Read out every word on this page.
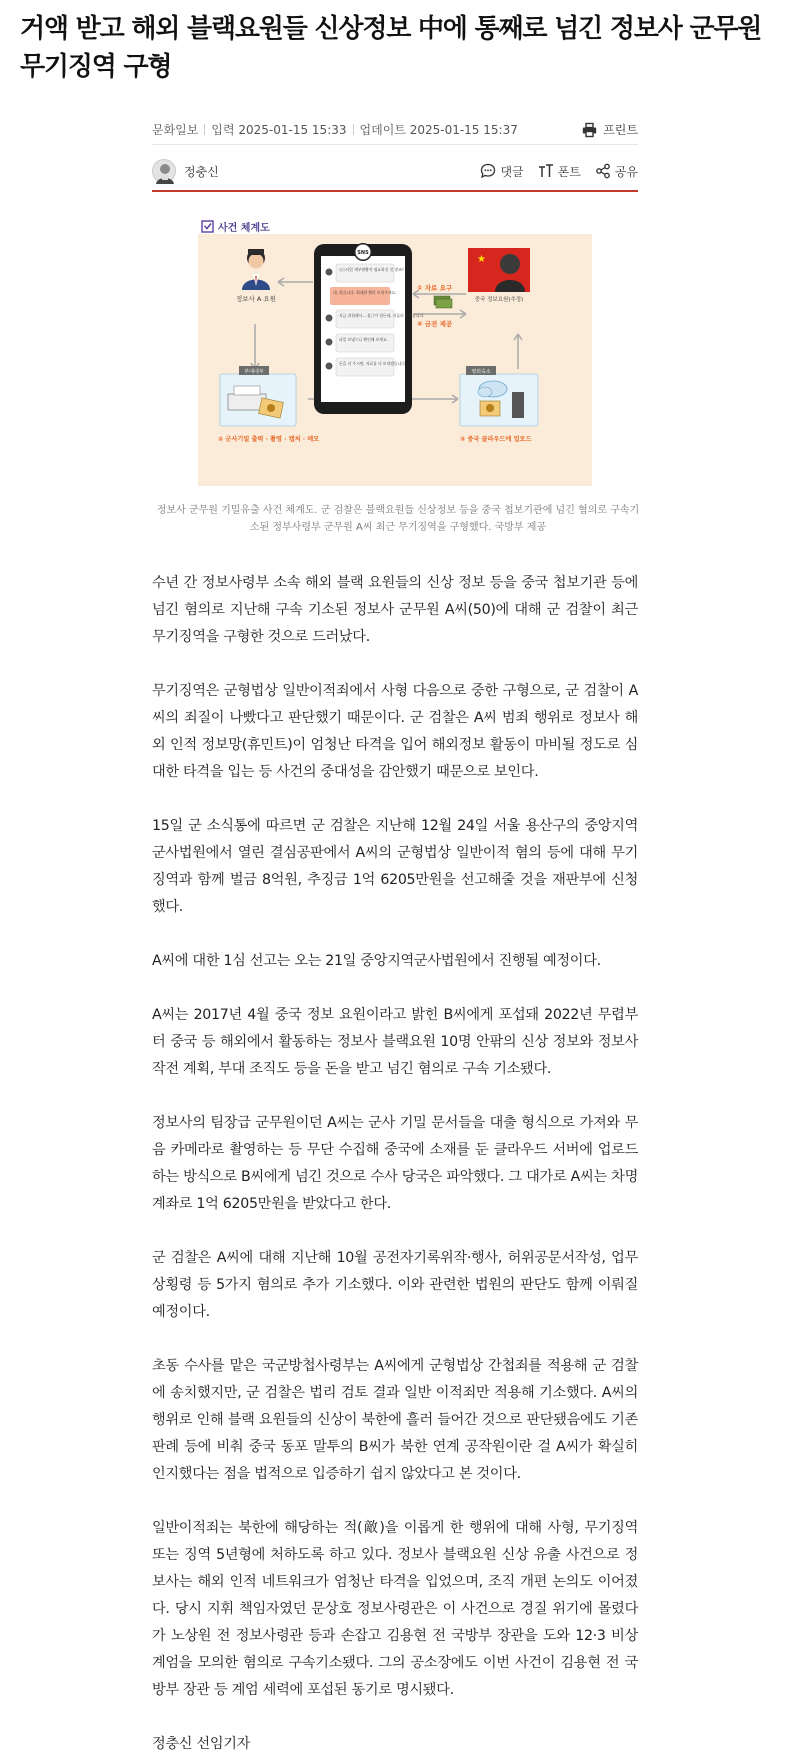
거액 받고 해외 블랙요원들 신상정보 中에 통째로 넘긴 정보사 군무원 무기징역 구형
문화일보 입력 2025-01-15 15:33 업데이트 2025-01-15 15:37	프린트
정충신	댓글	폰트	공유
사건 체계도
정보사 A 요원
SNS
○○사업 세부현황이 필요하신 것 맞죠?
네, 맞습니다. 최대한 빨리 보내주세요.
지금 위험해서... 접근이 힘든데, 서둘러 보겠습니다.
파일 보냈으니 확인해 보세요.
돈을 더 주시면, 자료를 더 보내겠습니다.
① 자료 요구
④ 금전 제공
★
중국 정보요원(추정)
부대내부
② 군사기밀 출력 · 촬영 · 캡처 · 메모
영외숙소
③ 중국 클라우드에 업로드

정보사 군무원 기밀유출 사건 체계도. 군 검찰은 블랙요원들 신상정보 등을 중국 첩보기관에 넘긴 혐의로 구속기소된 정부사령부 군무원 A씨 최근 무기징역을 구형했다. 국방부 제공

수년 간 정보사령부 소속 해외 블랙 요원들의 신상 정보 등을 중국 첩보기관 등에 넘긴 혐의로 지난해 구속 기소된 정보사 군무원 A씨(50)에 대해 군 검찰이 최근 무기징역을 구형한 것으로 드러났다.

무기징역은 군형법상 일반이적죄에서 사형 다음으로 중한 구형으로, 군 검찰이 A씨의 죄질이 나빴다고 판단했기 때문이다. 군 검찰은 A씨 범죄 행위로 정보사 해외 인적 정보망(휴민트)이 엄청난 타격을 입어 해외정보 활동이 마비될 정도로 심대한 타격을 입는 등 사건의 중대성을 감안했기 때문으로 보인다.

15일 군 소식통에 따르면 군 검찰은 지난해 12월 24일 서울 용산구의 중앙지역군사법원에서 열린 결심공판에서 A씨의 군형법상 일반이적 혐의 등에 대해 무기징역과 함께 벌금 8억원, 추징금 1억 6205만원을 선고해줄 것을 재판부에 신청했다.

A씨에 대한 1심 선고는 오는 21일 중앙지역군사법원에서 진행될 예정이다.

A씨는 2017년 4월 중국 정보 요원이라고 밝힌 B씨에게 포섭돼 2022년 무렵부터 중국 등 해외에서 활동하는 정보사 블랙요원 10명 안팎의 신상 정보와 정보사 작전 계획, 부대 조직도 등을 돈을 받고 넘긴 혐의로 구속 기소됐다.

정보사의 팀장급 군무원이던 A씨는 군사 기밀 문서들을 대출 형식으로 가져와 무음 카메라로 촬영하는 등 무단 수집해 중국에 소재를 둔 클라우드 서버에 업로드하는 방식으로 B씨에게 넘긴 것으로 수사 당국은 파악했다. 그 대가로 A씨는 차명 계좌로 1억 6205만원을 받았다고 한다.

군 검찰은 A씨에 대해 지난해 10월 공전자기록위작·행사, 허위공문서작성, 업무상횡령 등 5가지 혐의로 추가 기소했다. 이와 관련한 법원의 판단도 함께 이뤄질 예정이다.

초동 수사를 맡은 국군방첩사령부는 A씨에게 군형법상 간첩죄를 적용해 군 검찰에 송치했지만, 군 검찰은 법리 검토 결과 일반 이적죄만 적용해 기소했다. A씨의 행위로 인해 블랙 요원들의 신상이 북한에 흘러 들어간 것으로 판단됐음에도 기존 판례 등에 비춰 중국 동포 말투의 B씨가 북한 연계 공작원이란 걸 A씨가 확실히 인지했다는 점을 법적으로 입증하기 쉽지 않았다고 본 것이다.

일반이적죄는 북한에 해당하는 적(敵)을 이롭게 한 행위에 대해 사형, 무기징역 또는 징역 5년형에 처하도록 하고 있다. 정보사 블랙요원 신상 유출 사건으로 정보사는 해외 인적 네트워크가 엄청난 타격을 입었으며, 조직 개편 논의도 이어졌다. 당시 지휘 책임자였던 문상호 정보사령관은 이 사건으로 경질 위기에 몰렸다가 노상원 전 정보사령관 등과 손잡고 김용현 전 국방부 장관을 도와 12·3 비상 계엄을 모의한 혐의로 구속기소됐다. 그의 공소장에도 이번 사건이 김용현 전 국방부 장관 등 계엄 세력에 포섭된 동기로 명시됐다.

정충신 선임기자
